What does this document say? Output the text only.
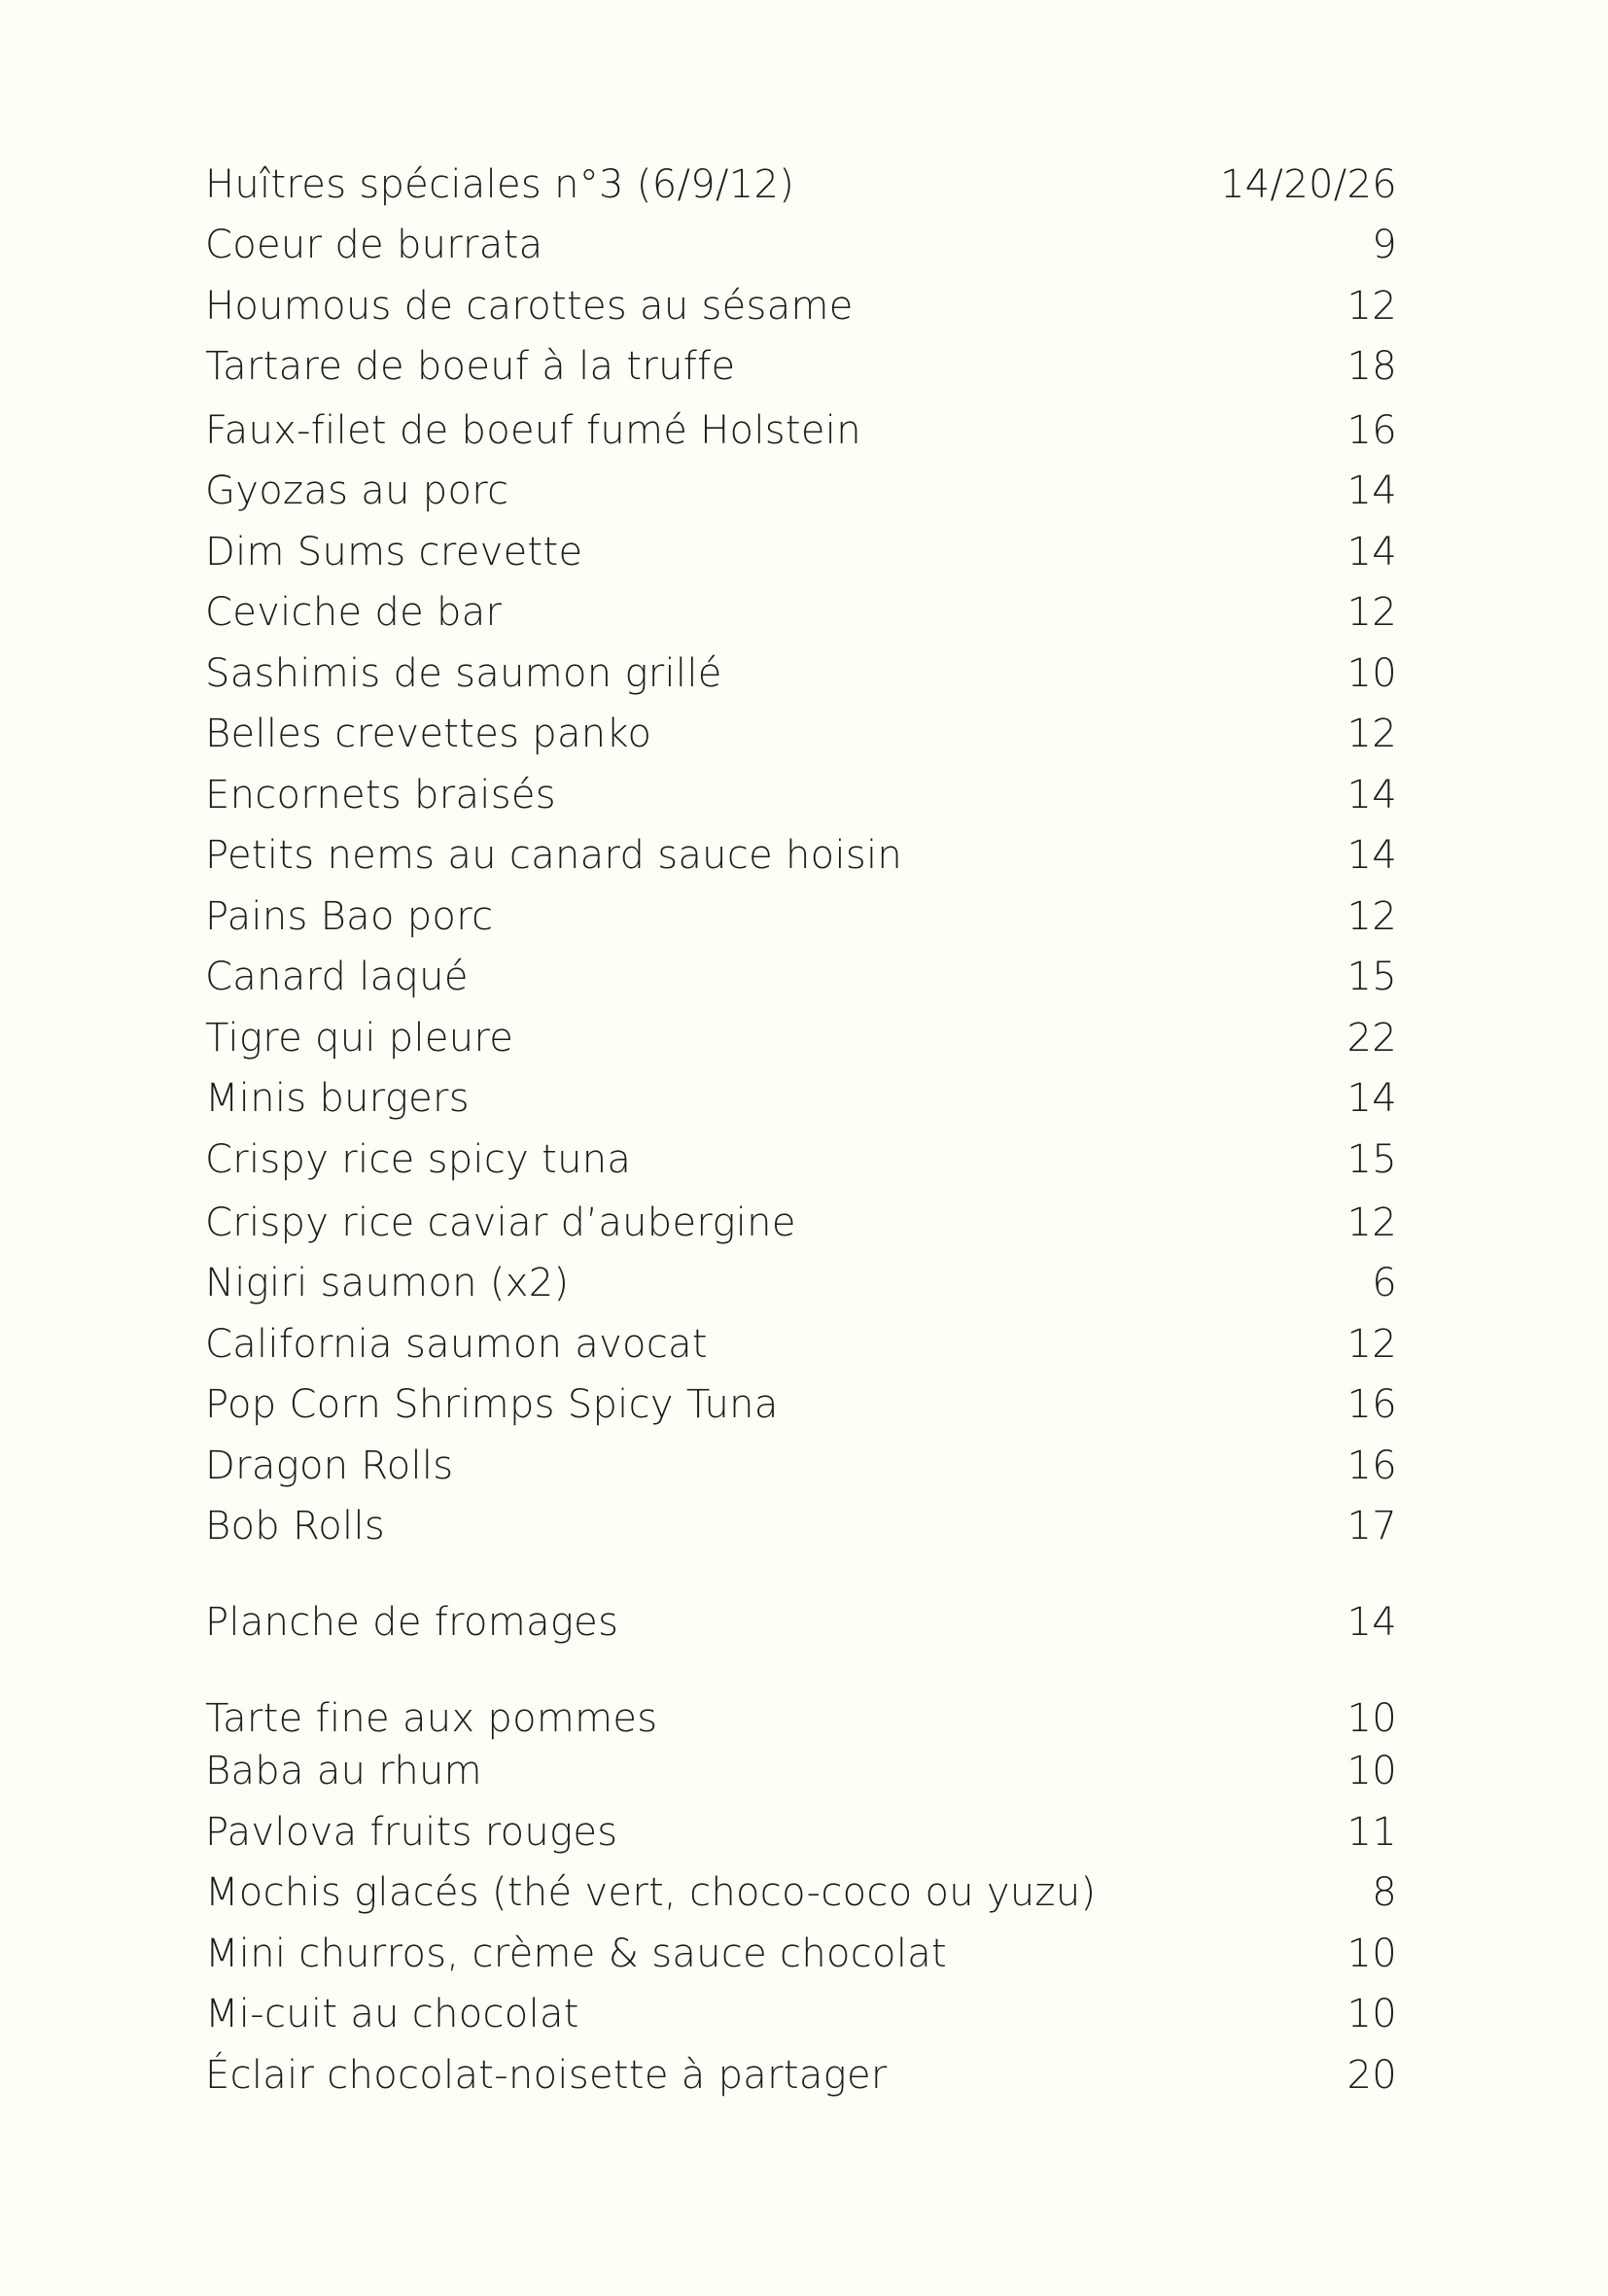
Huîtres spéciales n°3 (6/9/12)	14/20/26
Coeur de burrata	9
Houmous de carottes au sésame	12
Tartare de boeuf à la truffe	18
Faux-filet de boeuf fumé Holstein	16
Gyozas au porc	14
Dim Sums crevette	14
Ceviche de bar	12
Sashimis de saumon grillé	10
Belles crevettes panko	12
Encornets braisés	14
Petits nems au canard sauce hoisin	14
Pains Bao porc	12
Canard laqué	15
Tigre qui pleure	22
Minis burgers	14
Crispy rice spicy tuna	15
Crispy rice caviar d’aubergine	12
Nigiri saumon (x2)	6
California saumon avocat	12
Pop Corn Shrimps Spicy Tuna	16
Dragon Rolls	16
Bob Rolls	17
Planche de fromages	14
Tarte fine aux pommes	10
Baba au rhum	10
Pavlova fruits rouges	11
Mochis glacés (thé vert, choco-coco ou yuzu)	8
Mini churros, crème & sauce chocolat	10
Mi-cuit au chocolat	10
Éclair chocolat-noisette à partager	20
